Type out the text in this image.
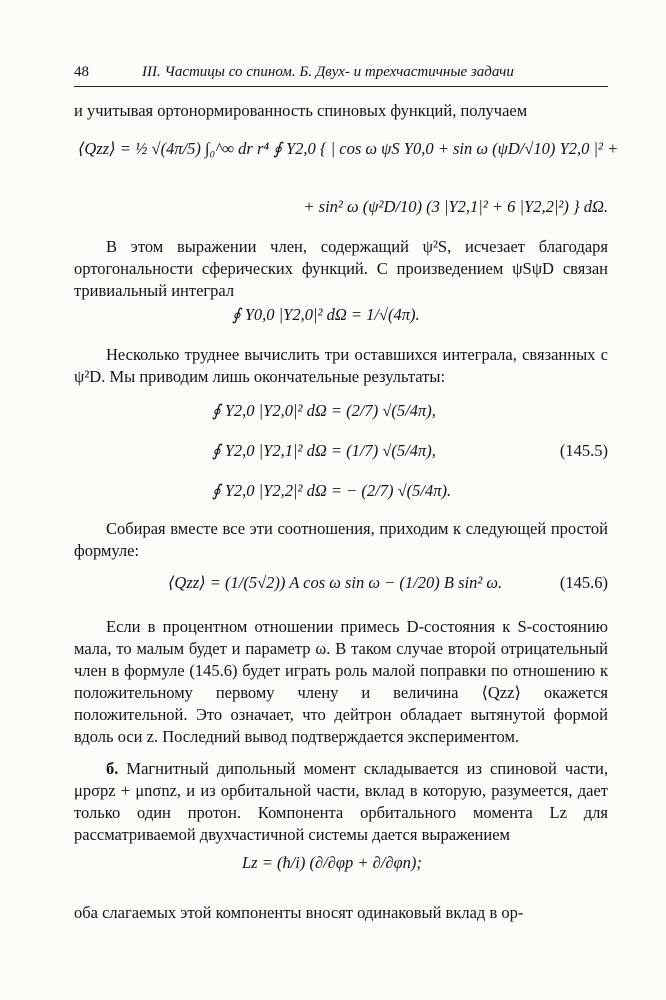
48	III. Частицы со спином. Б. Двух- и трехчастичные задачи

и учитывая ортонормированность спиновых функций, получаем

⟨Qzz⟩ = ½ √(4π/5) ∫₀^∞ dr r⁴ ∮ Y2,0 { | cos ω ψS Y0,0 + sin ω (ψD/√10) Y2,0 |² +
+ sin² ω (ψ²D/10) (3 |Y2,1|² + 6 |Y2,2|²) } dΩ.

В этом выражении член, содержащий ψ²S, исчезает благодаря ортогональности сферических функций. С произведением ψSψD связан тривиальный интеграл

∮ Y0,0 |Y2,0|² dΩ = 1/√(4π).

Несколько труднее вычислить три оставшихся интеграла, связанных с ψ²D. Мы приводим лишь окончательные результаты:

∮ Y2,0 |Y2,0|² dΩ = (2/7) √(5/4π),
∮ Y2,0 |Y2,1|² dΩ = (1/7) √(5/4π),	(145.5)
∮ Y2,0 |Y2,2|² dΩ = − (2/7) √(5/4π).

Собирая вместе все эти соотношения, приходим к следующей простой формуле:

⟨Qzz⟩ = (1/(5√2)) A cos ω sin ω − (1/20) B sin² ω.	(145.6)

Если в процентном отношении примесь D-состояния к S-состоянию мала, то малым будет и параметр ω. В таком случае второй отрицательный член в формуле (145.6) будет играть роль малой поправки по отношению к положительному первому члену и величина ⟨Qzz⟩ окажется положительной. Это означает, что дейтрон обладает вытянутой формой вдоль оси z. Последний вывод подтверждается экспериментом.

б. Магнитный дипольный момент складывается из спиновой части, μpσpz + μnσnz, и из орбитальной части, вклад в которую, разумеется, дает только один протон. Компонента орбитального момента Lz для рассматриваемой двухчастичной системы дается выражением

Lz = (ħ/i) (∂/∂φp + ∂/∂φn);

оба слагаемых этой компоненты вносят одинаковый вклад в ор-
